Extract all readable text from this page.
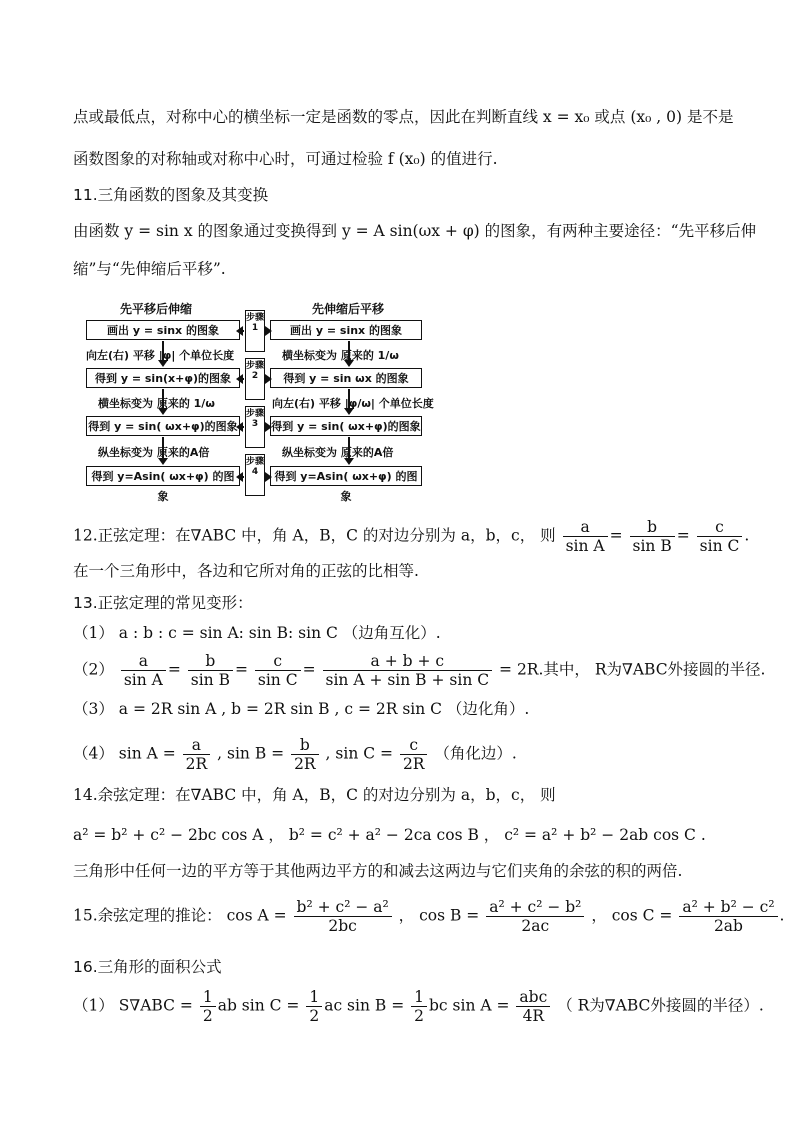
点或最低点，对称中心的横坐标一定是函数的零点，因此在判断直线 x = x₀ 或点 (x₀ , 0) 是不是
函数图象的对称轴或对称中心时，可通过检验 f (x₀) 的值进行.
11.三角函数的图象及其变换
由函数 y = sin x 的图象通过变换得到 y = A sin(ωx + φ) 的图象，有两种主要途径：“先平移后伸
缩”与“先伸缩后平移”.
先平移后伸缩	先伸缩后平移
画出 y = sinx 的图象
得到 y = sin(x+φ)的图象
得到 y = sin( ωx+φ)的图象
得到 y=Asin( ωx+φ) 的图象
画出 y = sinx 的图象
得到 y = sin ωx 的图象
得到 y = sin( ωx+φ)的图象
得到 y=Asin( ωx+φ) 的图象
步骤1
步骤2
步骤3
步骤4
向左(右) 平移 |φ| 个单位长度
横坐标变为 原来的 1/ω
纵坐标变为 原来的A倍
横坐标变为 原来的 1/ω
向左(右) 平移 |φ/ω| 个单位长度
纵坐标变为 原来的A倍
12.正弦定理：在∇ABC 中，角 A，B，C 的对边分别为 a，b，c， 则 $\frac{a}{\text{sin A}} = \frac{b}{\text{sin B}} = \frac{c}{\text{sin C}}$ .
在一个三角形中，各边和它所对角的正弦的比相等.
13.正弦定理的常见变形：
（1） a : b : c = sin A: sin B: sin C （边角互化）.
$(2) \frac{a}{\text{sin A}} = \frac{b}{\text{sin B}} = \frac{c}{\text{sin C}} = \frac{a + b + c}{\text{sin A + sin B + sin C}} = 2R$.其中， R为∇ABC外接圆的半径.
（3） a = 2R sin A , b = 2R sin B , c = 2R sin C （边化角）.
（4） $\sin A = \frac{a}{2R}$ , $\sin B = \frac{b}{2R}$ , $\sin C = \frac{c}{2R}$ （角化边）.
14.余弦定理：在∇ABC 中，角 A，B，C 的对边分别为 a，b，c， 则
a² = b² + c² − 2bc cos A ， b² = c² + a² − 2ca cos B ， c² = a² + b² − 2ab cos C .
三角形中任何一边的平方等于其他两边平方的和减去这两边与它们夹角的余弦的积的两倍.
15.余弦定理的推论： $\cos A = \frac{\text{b² + c² − a²}}{2bc}$ ， $\cos B = \frac{\text{a² + c² − b²}}{2ac}$ ， $\cos C = \frac{\text{a² + b² − c²}}{2ab}$ .
16.三角形的面积公式
（1） $S\nabla ABC = \frac{1}{2}$ ab $\sin C = \frac{1}{2}$ ac $\sin B = \frac{1}{2}$ bc $\sin A = \frac{\text{abc}}{4R}$ （ R为∇ABC外接圆的半径）.
